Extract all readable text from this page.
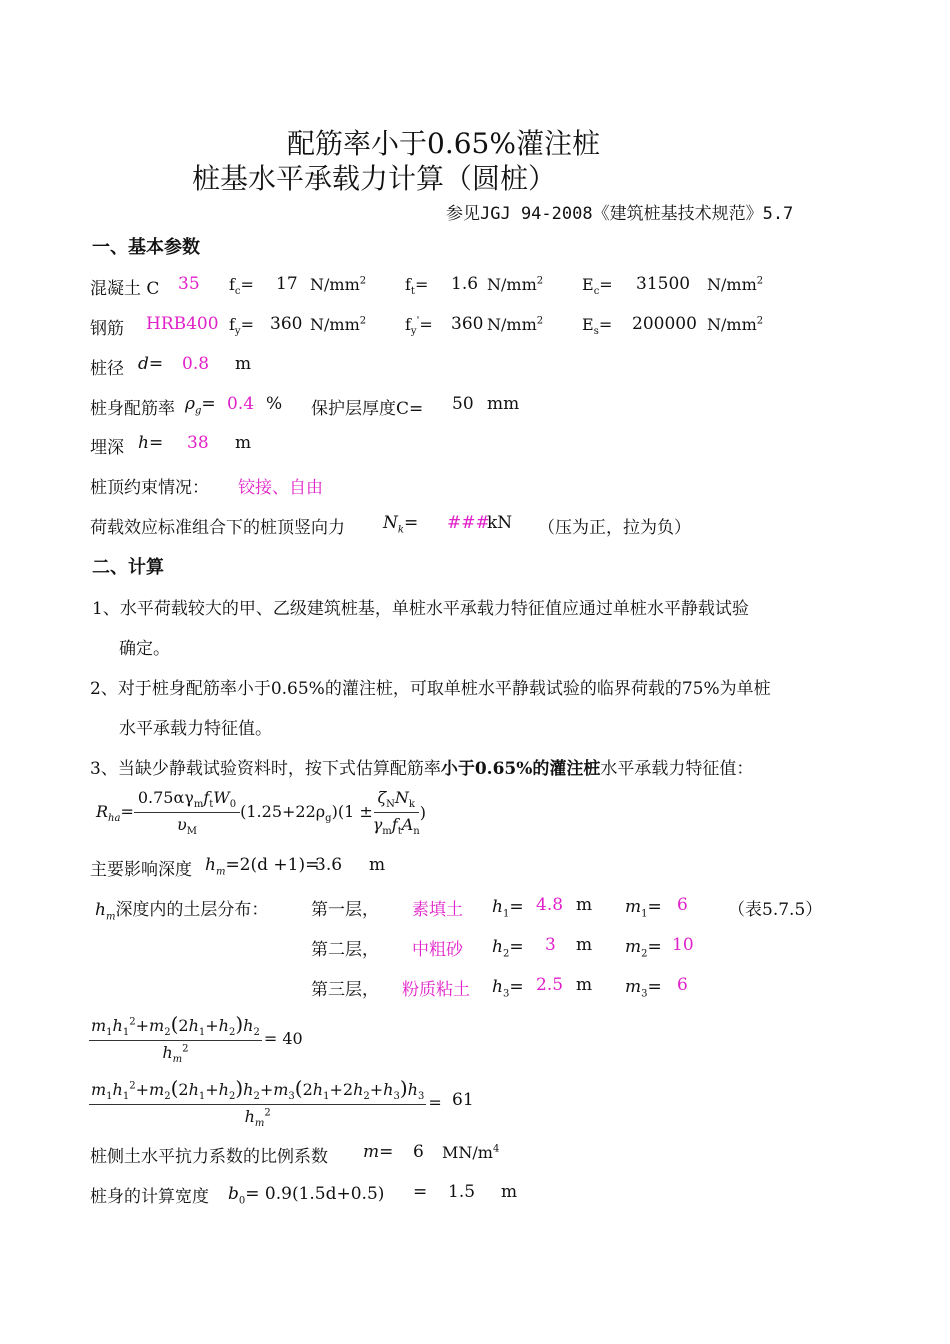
配筋率小于0.65%灌注桩
桩基水平承载力计算（圆桩）
参见JGJ 94-2008《建筑桩基技术规范》5.7
一、基本参数
混凝土 C 35 $f_c= 17$ $N/mm^2$ $f_t= 1.6$ $N/mm^2$ $E_c= 31500$ $N/mm^2$
钢筋 HRB400 $f_y= 360$ $N/mm^2$ $f_y'= 360$ $N/mm^2$ $E_s= 200000$ $N/mm^2$
桩径 d= 0.8 m
桩身配筋率 $\rho_g= 0.4$ % 保护层厚度C= 50 mm
埋深 h= 38 m
桩顶约束情况： 铰接、自由
荷载效应标准组合下的桩顶竖向力 $N_k=$ ###
kN （压为正，拉为负）
二、计算
1、水平荷载较大的甲、乙级建筑桩基，单桩水平承载力特征值应通过单桩水平静载试验
确定。
2、对于桩身配筋率小于0.65%的灌注桩，可取单桩水平静载试验的临界荷载的75%为单桩
水平承载力特征值。
3、当缺少静载试验资料时，按下式估算配筋率小于0.65%的灌注桩水平承载力特征值：
$R_{ha}= \frac{0.75\alpha\gamma_mf_tW_0}{\upsilon_M} (1.25+22\rho_g)(1 \pm \frac{\zeta_NN_k}{\gamma_mf_tA_n}$ )
主要影响深度 $h_m=2(d +1)=$
3.6 m
$h_m$深度内的土层分布：	（表5.7.5）
第一层， 素填土 $h_1= 4.8$ m $m_1= 6$
第二层， 中粗砂 $h_2= 3$ m $m_2= 10$
第三层， 粉质粘土 $h_3= 2.5$ m $m_3= 6$
$\frac{m_1h_1^2+m_2(2h_1+h_2)h_2}{h_m^2} = 40$
$\frac{m_1h_1^2+m_2(2h_1+h_2)h_2+m_3(2h_1+2h_2+h_3)h_3}{h_m^2} = 61$
桩侧土水平抗力系数的比例系数 m= 6 $MN/m^4$
桩身的计算宽度 $b_0= 0.9(1.5d+0.5) = 1.5$ m
